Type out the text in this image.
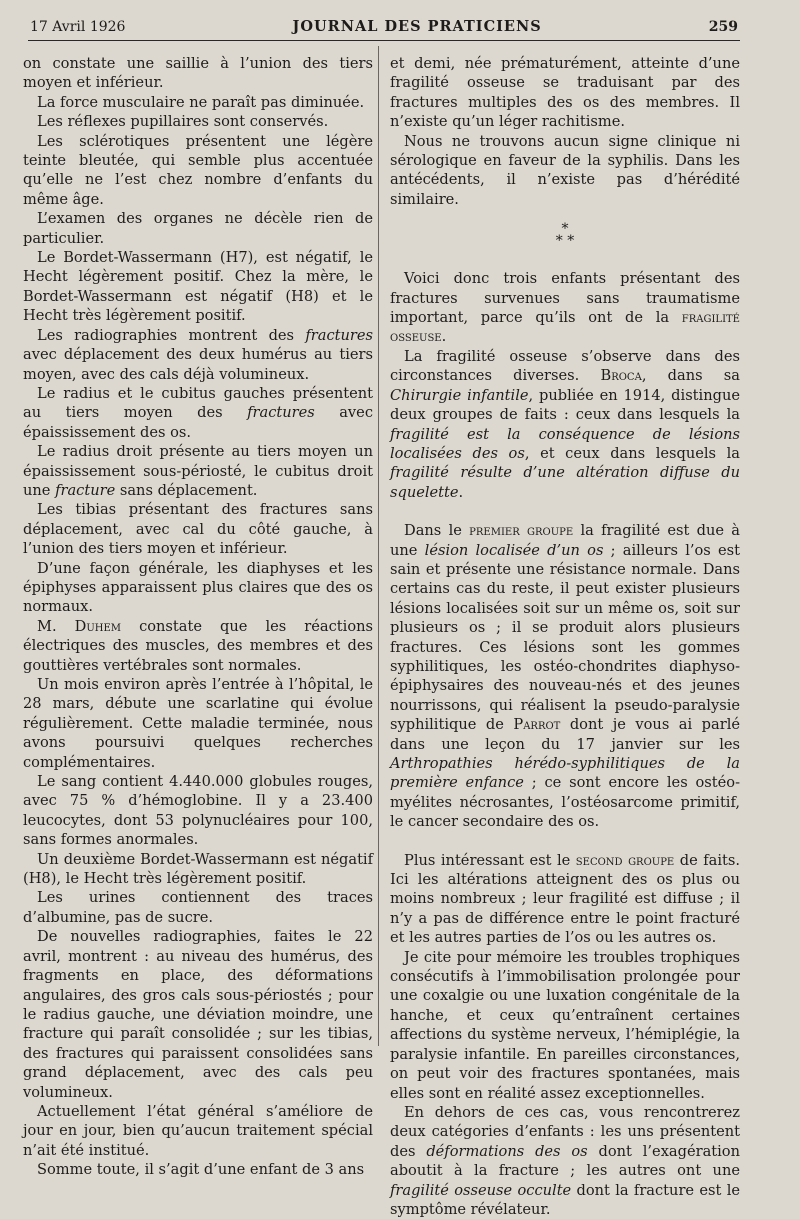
17 Avril 1926	JOURNAL DES PRATICIENS	259

on constate une saillie à l’union des tiers moyen et inférieur.

La force musculaire ne paraît pas diminuée.

Les réflexes pupillaires sont conservés.

Les sclérotiques présentent une légère teinte bleutée, qui semble plus accentuée qu’elle ne l’est chez nombre d’enfants du même âge.

L’examen des organes ne décèle rien de particulier.

Le Bordet-Wassermann (H7), est négatif, le Hecht légèrement positif. Chez la mère, le Bordet-Wassermann est négatif (H8) et le Hecht très légèrement positif.

Les radiographies montrent des fractures avec déplacement des deux humérus au tiers moyen, avec des cals déjà volumineux.

Le radius et le cubitus gauches présentent au tiers moyen des fractures avec épaississement des os.

Le radius droit présente au tiers moyen un épaississement sous-périosté, le cubitus droit une fracture sans déplacement.

Les tibias présentant des fractures sans déplacement, avec cal du côté gauche, à l’union des tiers moyen et inférieur.

D’une façon générale, les diaphyses et les épiphyses apparaissent plus claires que des os normaux.

M. Duhem constate que les réactions électriques des muscles, des membres et des gouttières vertébrales sont normales.

Un mois environ après l’entrée à l’hôpital, le 28 mars, débute une scarlatine qui évolue régulièrement. Cette maladie terminée, nous avons poursuivi quelques recherches complémentaires.

Le sang contient 4.440.000 globules rouges, avec 75 % d’hémoglobine. Il y a 23.400 leucocytes, dont 53 polynucléaires pour 100, sans formes anormales.

Un deuxième Bordet-Wassermann est négatif (H8), le Hecht très légèrement positif.

Les urines contiennent des traces d’albumine, pas de sucre.

De nouvelles radiographies, faites le 22 avril, montrent : au niveau des humérus, des fragments en place, des déformations angulaires, des gros cals sous-périostés ; pour le radius gauche, une déviation moindre, une fracture qui paraît consolidée ; sur les tibias, des fractures qui paraissent consolidées sans grand déplacement, avec des cals peu volumineux.

Actuellement l’état général s’améliore de jour en jour, bien qu’aucun traitement spécial n’ait été institué.

Somme toute, il s’agit d’une enfant de 3 ans

et demi, née prématurément, atteinte d’une fragilité osseuse se traduisant par des fractures multiples des os des membres. Il n’existe qu’un léger rachitisme.

Nous ne trouvons aucun signe clinique ni sérologique en faveur de la syphilis. Dans les antécédents, il n’existe pas d’hérédité similaire.

*
* *

Voici donc trois enfants présentant des fractures survenues sans traumatisme important, parce qu’ils ont de la fragilité osseuse.

La fragilité osseuse s’observe dans des circonstances diverses. Broca, dans sa Chirurgie infantile, publiée en 1914, distingue deux groupes de faits : ceux dans lesquels la fragilité est la conséquence de lésions localisées des os, et ceux dans lesquels la fragilité résulte d’une altération diffuse du squelette.

Dans le premier groupe la fragilité est due à une lésion localisée d’un os ; ailleurs l’os est sain et présente une résistance normale. Dans certains cas du reste, il peut exister plusieurs lésions localisées soit sur un même os, soit sur plusieurs os ; il se produit alors plusieurs fractures. Ces lésions sont les gommes syphilitiques, les ostéo-chondrites diaphyso-épiphysaires des nouveau-nés et des jeunes nourrissons, qui réalisent la pseudo-paralysie syphilitique de Parrot dont je vous ai parlé dans une leçon du 17 janvier sur les Arthropathies hérédo-syphilitiques de la première enfance ; ce sont encore les ostéo-myélites nécrosantes, l’ostéosarcome primitif, le cancer secondaire des os.

Plus intéressant est le second groupe de faits. Ici les altérations atteignent des os plus ou moins nombreux ; leur fragilité est diffuse ; il n’y a pas de différence entre le point fracturé et les autres parties de l’os ou les autres os.

Je cite pour mémoire les troubles trophiques consécutifs à l’immobilisation prolongée pour une coxalgie ou une luxation congénitale de la hanche, et ceux qu’entraînent certaines affections du système nerveux, l’hémiplégie, la paralysie infantile. En pareilles circonstances, on peut voir des fractures spontanées, mais elles sont en réalité assez exceptionnelles.

En dehors de ces cas, vous rencontrerez deux catégories d’enfants : les uns présentent des déformations des os dont l’exagération aboutit à la fracture ; les autres ont une fragilité osseuse occulte dont la fracture est le symptôme révélateur.
